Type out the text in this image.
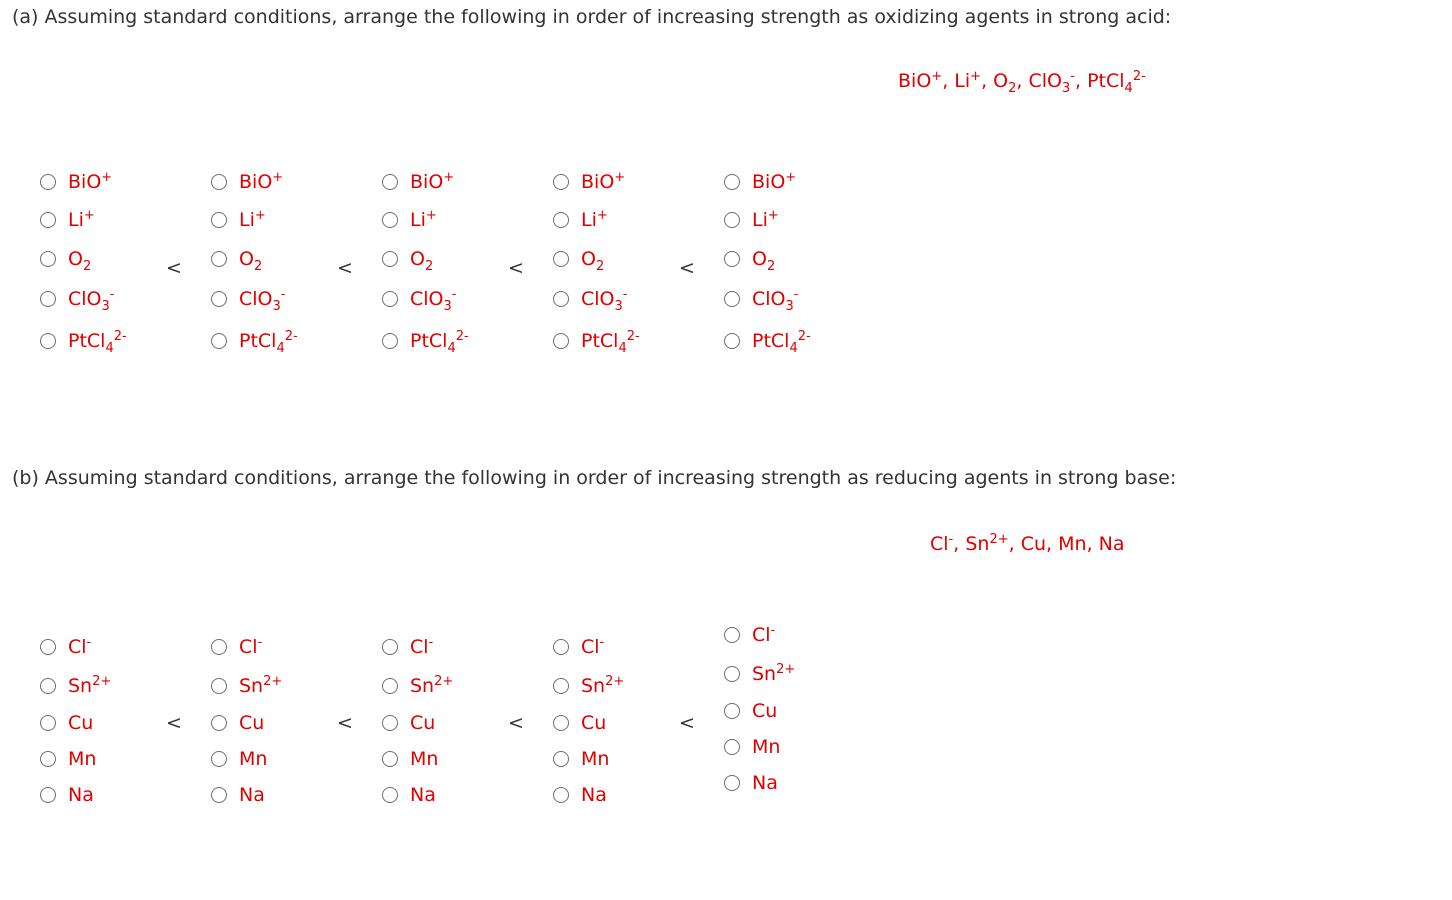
(a) Assuming standard conditions, arrange the following in order of increasing strength as oxidizing agents in strong acid:
BiO+, Li+, $O_2$, ClO$_3$-, PtCl$_4^{2-}$
BiO+
Li+
$O_2$
ClO$_3$-
PtCl$_4^{2-}$
BiO+
Li+
$O_2$
ClO$_3$-
PtCl$_4^{2-}$
BiO+
Li+
$O_2$
ClO$_3$-
PtCl$_4^{2-}$
BiO+
Li+
$O_2$
ClO$_3$-
PtCl$_4^{2-}$
BiO+
Li+
$O_2$
ClO$_3$-
PtCl$_4^{2-}$
<	<	<	<
(b) Assuming standard conditions, arrange the following in order of increasing strength as reducing agents in strong base:
Cl-, $Sn^{2+}$, Cu, Mn, Na
Cl-
$Sn^{2+}$
Cu
Mn
Na
Cl-
$Sn^{2+}$
Cu
Mn
Na
Cl-
$Sn^{2+}$
Cu
Mn
Na
Cl-
$Sn^{2+}$
Cu
Mn
Na
Cl-
$Sn^{2+}$
Cu
Mn
Na
<	<	<	<
